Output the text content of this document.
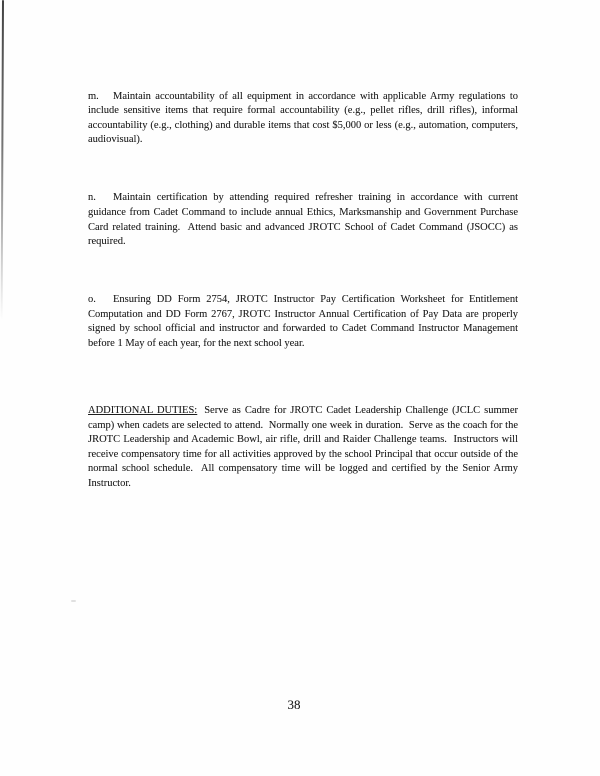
m. Maintain accountability of all equipment in accordance with applicable Army regulations to include sensitive items that require formal accountability (e.g., pellet rifles, drill rifles), informal accountability (e.g., clothing) and durable items that cost $5,000 or less (e.g., automation, computers, audiovisual).

n. Maintain certification by attending required refresher training in accordance with current guidance from Cadet Command to include annual Ethics, Marksmanship and Government Purchase Card related training.  Attend basic and advanced JROTC School of Cadet Command (JSOCC) as required.

o. Ensuring DD Form 2754, JROTC Instructor Pay Certification Worksheet for Entitlement Computation and DD Form 2767, JROTC Instructor Annual Certification of Pay Data are properly signed by school official and instructor and forwarded to Cadet Command Instructor Management before 1 May of each year, for the next school year.

ADDITIONAL DUTIES: Serve as Cadre for JROTC Cadet Leadership Challenge (JCLC summer camp) when cadets are selected to attend.  Normally one week in duration.  Serve as the coach for the JROTC Leadership and Academic Bowl, air rifle, drill and Raider Challenge teams.  Instructors will receive compensatory time for all activities approved by the school Principal that occur outside of the normal school schedule.  All compensatory time will be logged and certified by the Senior Army Instructor.

38
